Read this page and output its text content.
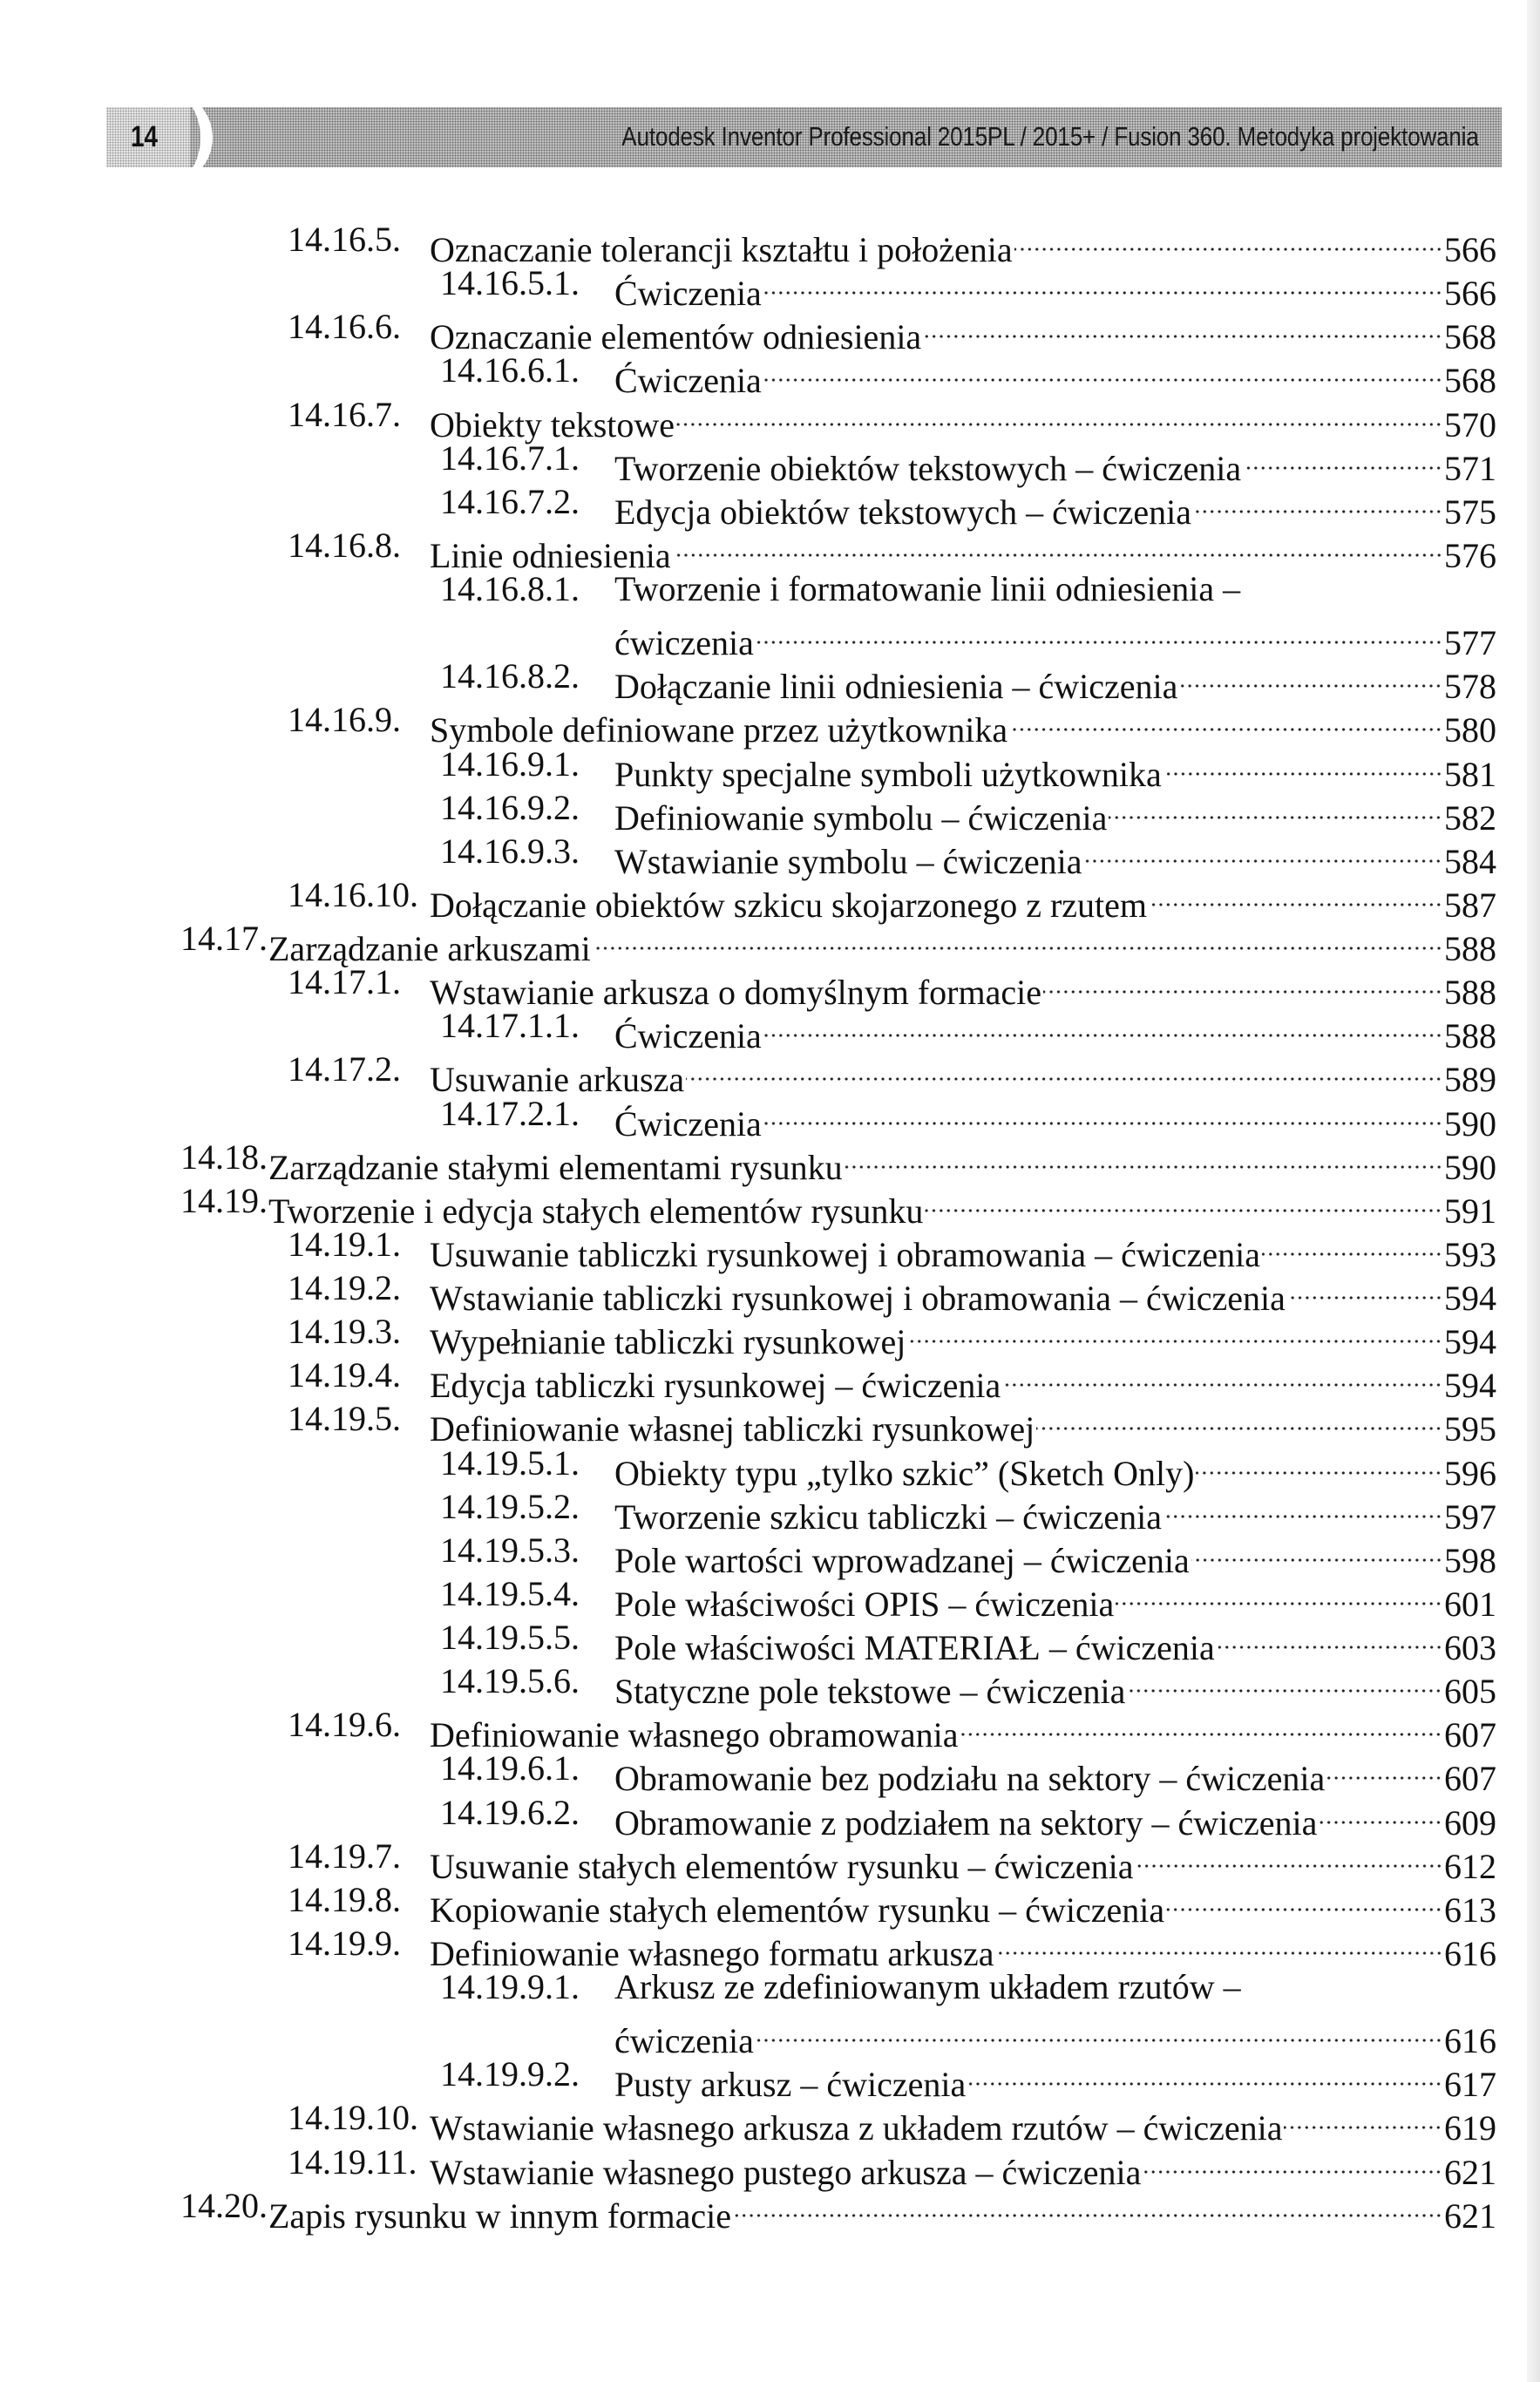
14	Autodesk Inventor Professional 2015PL / 2015+ / Fusion 360. Metodyka projektowania
14.16.5. Oznaczanie tolerancji kształtu i położenia	566
14.16.5.1. Ćwiczenia	566
14.16.6. Oznaczanie elementów odniesienia	568
14.16.6.1. Ćwiczenia	568
14.16.7. Obiekty tekstowe	570
14.16.7.1. Tworzenie obiektów tekstowych – ćwiczenia	571
14.16.7.2. Edycja obiektów tekstowych – ćwiczenia	575
14.16.8. Linie odniesienia	576
14.16.8.1. Tworzenie i formatowanie linii odniesienia –
ćwiczenia	577
14.16.8.2. Dołączanie linii odniesienia – ćwiczenia	578
14.16.9. Symbole definiowane przez użytkownika	580
14.16.9.1. Punkty specjalne symboli użytkownika	581
14.16.9.2. Definiowanie symbolu – ćwiczenia	582
14.16.9.3. Wstawianie symbolu – ćwiczenia	584
14.16.10. Dołączanie obiektów szkicu skojarzonego z rzutem	587
14.17. Zarządzanie arkuszami	588
14.17.1. Wstawianie arkusza o domyślnym formacie	588
14.17.1.1. Ćwiczenia	588
14.17.2. Usuwanie arkusza	589
14.17.2.1. Ćwiczenia	590
14.18. Zarządzanie stałymi elementami rysunku	590
14.19. Tworzenie i edycja stałych elementów rysunku	591
14.19.1. Usuwanie tabliczki rysunkowej i obramowania – ćwiczenia	593
14.19.2. Wstawianie tabliczki rysunkowej i obramowania – ćwiczenia	594
14.19.3. Wypełnianie tabliczki rysunkowej	594
14.19.4. Edycja tabliczki rysunkowej – ćwiczenia	594
14.19.5. Definiowanie własnej tabliczki rysunkowej	595
14.19.5.1. Obiekty typu „tylko szkic” (Sketch Only)	596
14.19.5.2. Tworzenie szkicu tabliczki – ćwiczenia	597
14.19.5.3. Pole wartości wprowadzanej – ćwiczenia	598
14.19.5.4. Pole właściwości OPIS – ćwiczenia	601
14.19.5.5. Pole właściwości MATERIAŁ – ćwiczenia	603
14.19.5.6. Statyczne pole tekstowe – ćwiczenia	605
14.19.6. Definiowanie własnego obramowania	607
14.19.6.1. Obramowanie bez podziału na sektory – ćwiczenia	607
14.19.6.2. Obramowanie z podziałem na sektory – ćwiczenia	609
14.19.7. Usuwanie stałych elementów rysunku – ćwiczenia	612
14.19.8. Kopiowanie stałych elementów rysunku – ćwiczenia	613
14.19.9. Definiowanie własnego formatu arkusza	616
14.19.9.1. Arkusz ze zdefiniowanym układem rzutów –
ćwiczenia	616
14.19.9.2. Pusty arkusz – ćwiczenia	617
14.19.10. Wstawianie własnego arkusza z układem rzutów – ćwiczenia	619
14.19.11. Wstawianie własnego pustego arkusza – ćwiczenia	621
14.20. Zapis rysunku w innym formacie	621
